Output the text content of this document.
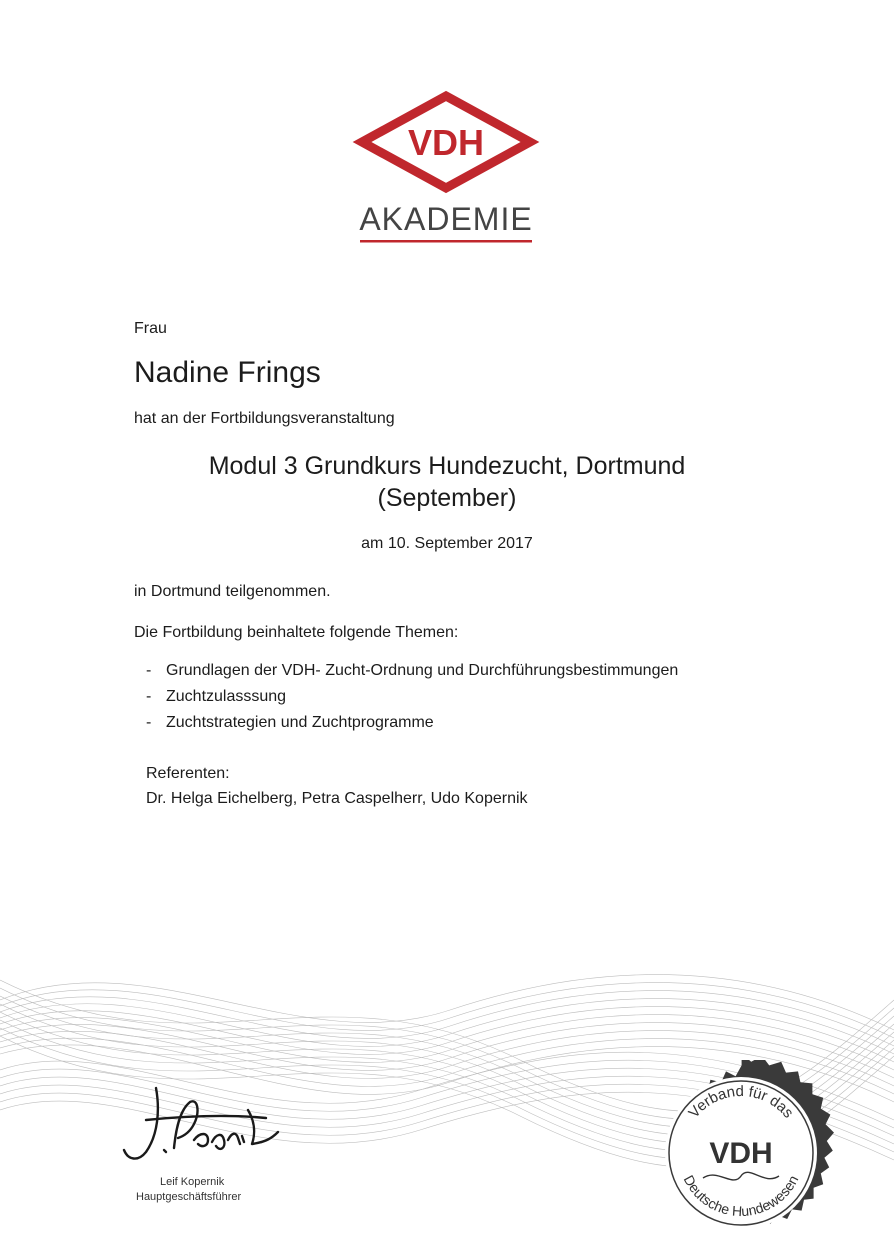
VDH
AKADEMIE

Frau

Nadine Frings

hat an der Fortbildungsveranstaltung

Modul 3 Grundkurs Hundezucht, Dortmund
(September)

am 10. September 2017

in Dortmund teilgenommen.

Die Fortbildung beinhaltete folgende Themen:

- Grundlagen der VDH- Zucht-Ordnung und Durchführungsbestimmungen
- Zuchtzulasssung
- Zuchtstrategien und Zuchtprogramme

Referenten:

Dr. Helga Eichelberg, Petra Caspelherr, Udo Kopernik

Leif Kopernik

Hauptgeschäftsführer

Verband für das
VDH
Deutsche Hundewesen
